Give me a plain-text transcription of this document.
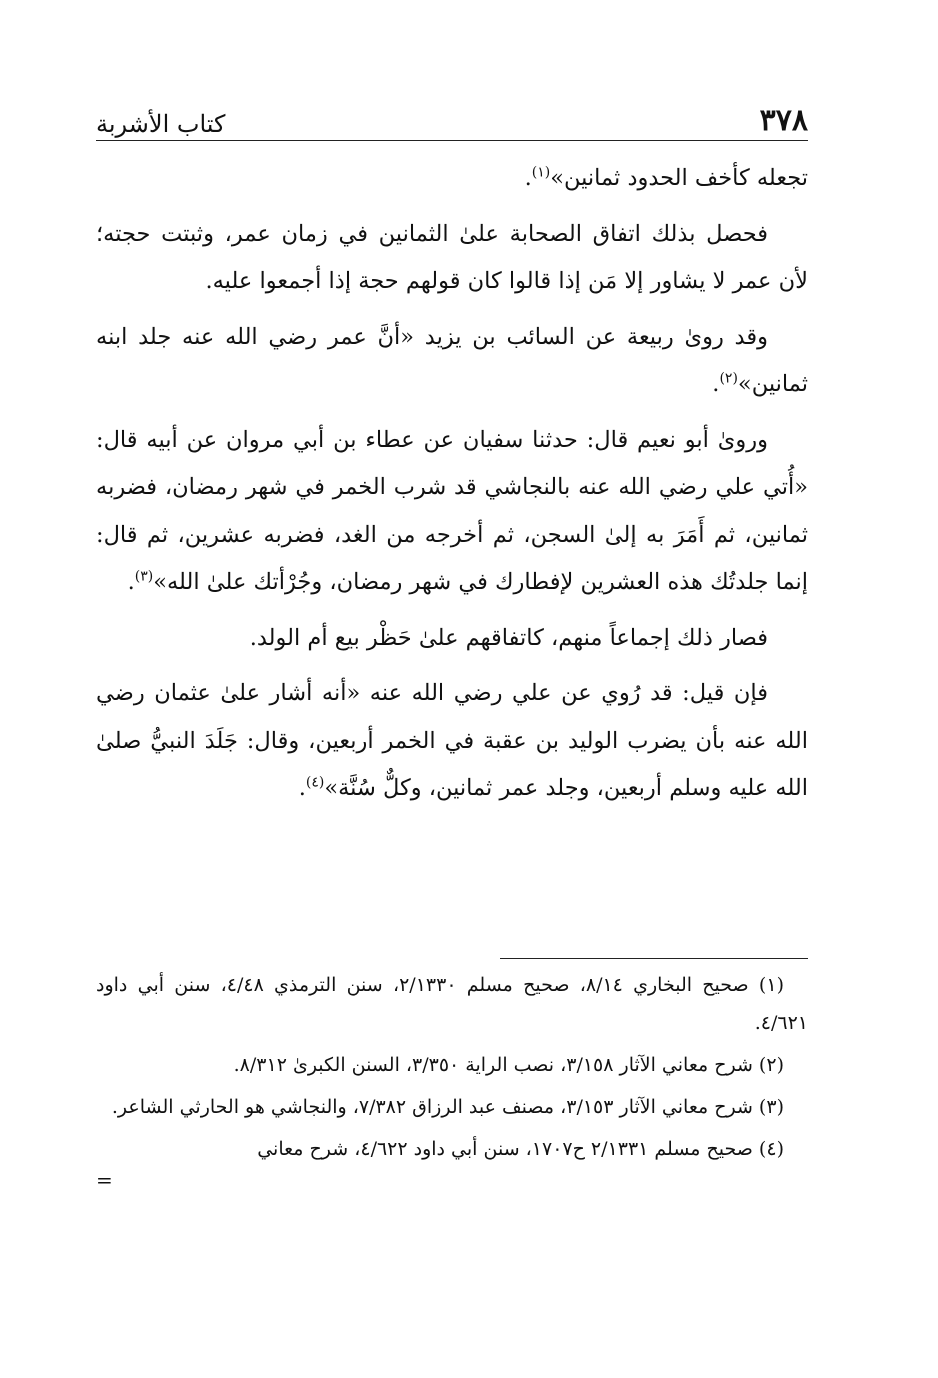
٣٧٨
كتاب الأشربة

تجعله كأخف الحدود ثمانين»$^{(١)}$.

فحصل بذلك اتفاق الصحابة علىٰ الثمانين في زمان عمر، وثبتت حجته؛ لأن عمر لا يشاور إلا مَن إذا قالوا كان قولهم حجة إذا أجمعوا عليه.

وقد روىٰ ربيعة عن السائب بن يزيد «أنَّ عمر رضي الله عنه جلد ابنه ثمانين»$^{(٢)}$.

وروىٰ أبو نعيم قال: حدثنا سفيان عن عطاء بن أبي مروان عن أبيه قال: «أُتي علي رضي الله عنه بالنجاشي قد شرب الخمر في شهر رمضان، فضربه ثمانين، ثم أَمَرَ به إلىٰ السجن، ثم أخرجه من الغد، فضربه عشرين، ثم قال: إنما جلدتُك هذه العشرين لإفطارك في شهر رمضان، وجُرْأتك علىٰ الله»$^{(٣)}$.

فصار ذلك إجماعاً منهم، كاتفاقهم علىٰ حَظْر بيع أم الولد.

فإن قيل: قد رُوي عن علي رضي الله عنه «أنه أشار علىٰ عثمان رضي الله عنه بأن يضرب الوليد بن عقبة في الخمر أربعين، وقال: جَلَدَ النبيُّ صلىٰ الله عليه وسلم أربعين، وجلد عمر ثمانين، وكلٌّ سُنَّة»$^{(٤)}$.

(١) صحيح البخاري ٨/١٤، صحيح مسلم ٢/١٣٣٠، سنن الترمذي ٤/٤٨، سنن أبي داود ٤/٦٢١.

(٢) شرح معاني الآثار ٣/١٥٨، نصب الراية ٣/٣٥٠، السنن الكبرىٰ ٨/٣١٢.

(٣) شرح معاني الآثار ٣/١٥٣، مصنف عبد الرزاق ٧/٣٨٢، والنجاشي هو الحارثي الشاعر.

(٤) صحيح مسلم ٢/١٣٣١ ح١٧٠٧، سنن أبي داود ٤/٦٢٢، شرح معاني

=
